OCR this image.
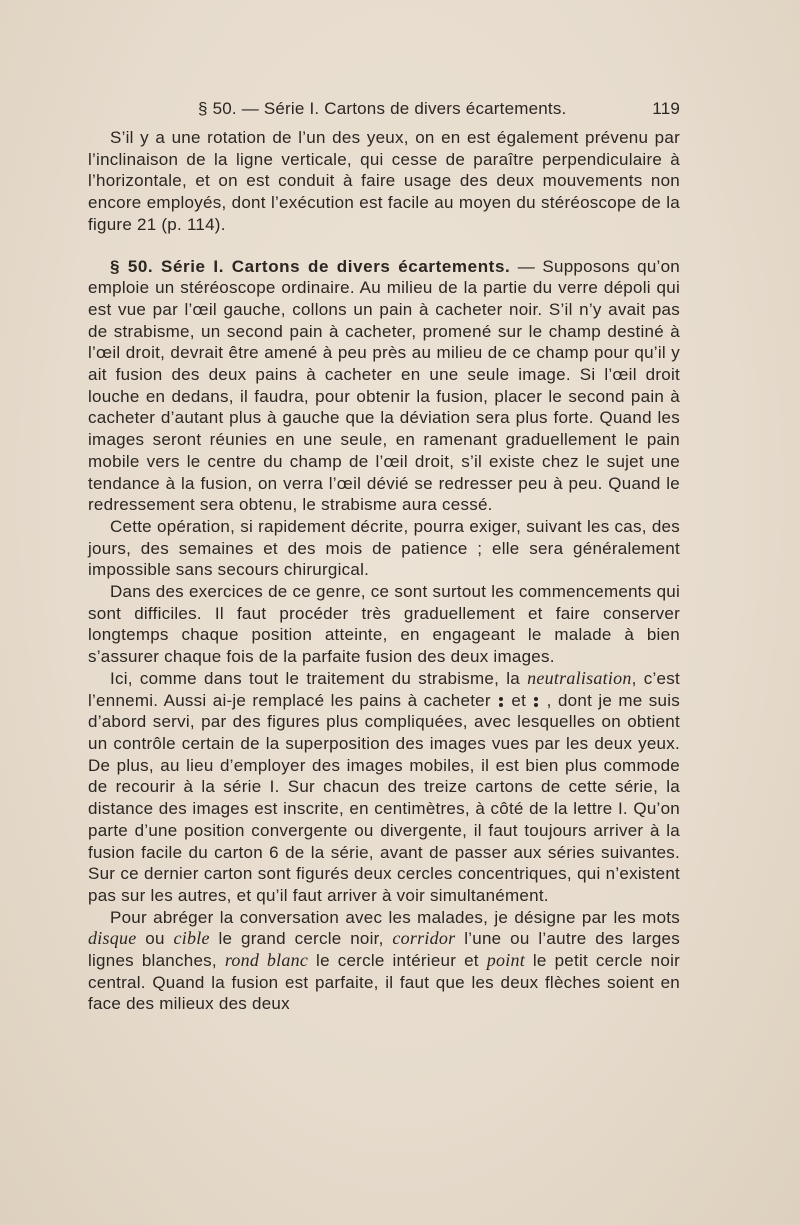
§ 50. — Série I. Cartons de divers écartements.	119

S’il y a une rotation de l’un des yeux, on en est également prévenu par l’inclinaison de la ligne verticale, qui cesse de paraître perpendiculaire à l’horizontale, et on est conduit à faire usage des deux mouvements non encore employés, dont l’exécution est facile au moyen du stéréoscope de la figure 21 (p. 114).

§ 50. Série I. Cartons de divers écartements. — Supposons qu’on emploie un stéréoscope ordinaire. Au milieu de la partie du verre dépoli qui est vue par l’œil gauche, collons un pain à cacheter noir. S’il n’y avait pas de strabisme, un second pain à cacheter, promené sur le champ destiné à l’œil droit, devrait être amené à peu près au milieu de ce champ pour qu’il y ait fusion des deux pains à cacheter en une seule image. Si l’œil droit louche en dedans, il faudra, pour obtenir la fusion, placer le second pain à cacheter d’autant plus à gauche que la déviation sera plus forte. Quand les images seront réunies en une seule, en ramenant graduellement le pain mobile vers le centre du champ de l’œil droit, s’il existe chez le sujet une tendance à la fusion, on verra l’œil dévié se redresser peu à peu. Quand le redressement sera obtenu, le strabisme aura cessé.

Cette opération, si rapidement décrite, pourra exiger, suivant les cas, des jours, des semaines et des mois de patience ; elle sera généralement impossible sans secours chirurgical.

Dans des exercices de ce genre, ce sont surtout les commencements qui sont difficiles. Il faut procéder très graduellement et faire conserver longtemps chaque position atteinte, en engageant le malade à bien s’assurer chaque fois de la parfaite fusion des deux images.

Ici, comme dans tout le traitement du strabisme, la neutralisation, c’est l’ennemi. Aussi ai-je remplacé les pains à cacheter  et  , dont je me suis d’abord servi, par des figures plus compliquées, avec lesquelles on obtient un contrôle certain de la superposition des images vues par les deux yeux. De plus, au lieu d’employer des images mobiles, il est bien plus commode de recourir à la série I. Sur chacun des treize cartons de cette série, la distance des images est inscrite, en centimètres, à côté de la lettre I. Qu’on parte d’une position convergente ou divergente, il faut toujours arriver à la fusion facile du carton 6 de la série, avant de passer aux séries suivantes. Sur ce dernier carton sont figurés deux cercles concentriques, qui n’existent pas sur les autres, et qu’il faut arriver à voir simultanément.

Pour abréger la conversation avec les malades, je désigne par les mots disque ou cible le grand cercle noir, corridor l’une ou l’autre des larges lignes blanches, rond blanc le cercle intérieur et point le petit cercle noir central. Quand la fusion est parfaite, il faut que les deux flèches soient en face des milieux des deux
